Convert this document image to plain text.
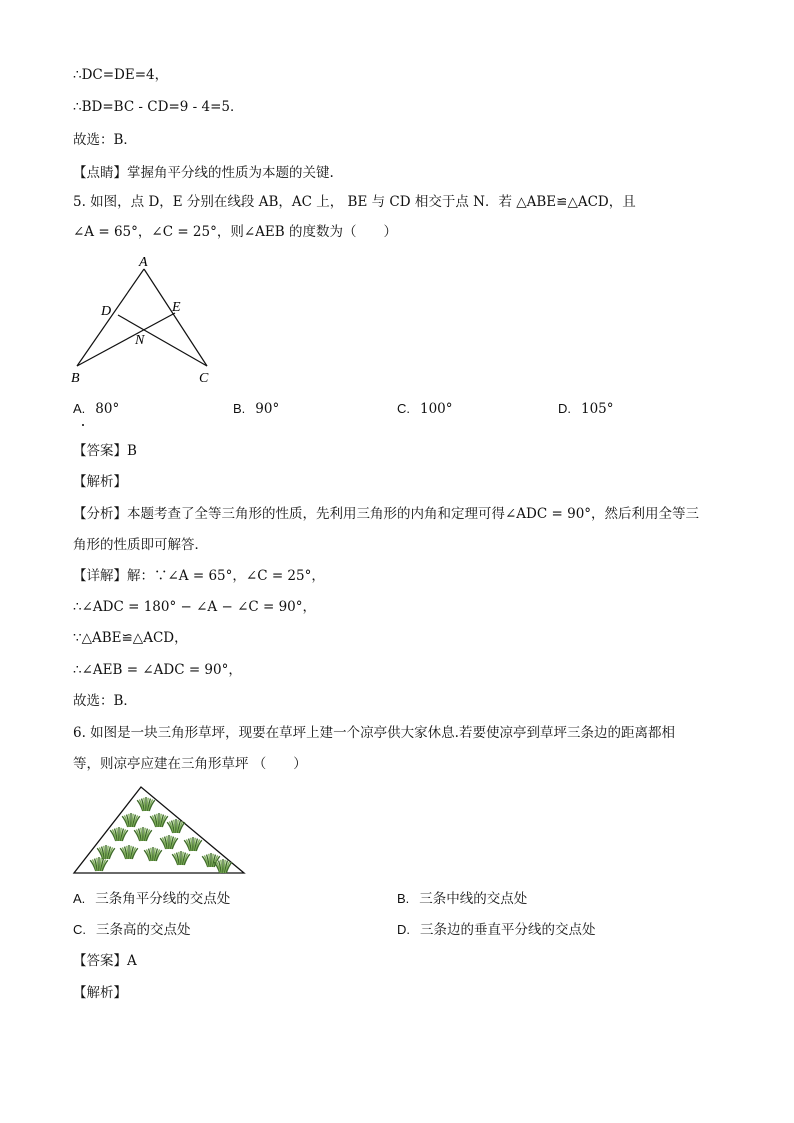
∴DC=DE=4，
∴BD=BC - CD=9 - 4=5．
故选：B．
【点睛】掌握角平分线的性质为本题的关键.
5. 如图，点 D，E 分别在线段 AB，AC 上， BE 与 CD 相交于点 N．若 △ABE≌△ACD，且
∠A = 65°，∠C = 25°，则∠AEB 的度数为（　　）
A
D	E
N
B	C
A. 80°	B. 90°	C. 100°	D. 105°
【答案】B
【解析】
【分析】本题考查了全等三角形的性质，先利用三角形的内角和定理可得∠ADC = 90°，然后利用全等三
角形的性质即可解答．
【详解】解：∵∠A = 65°，∠C = 25°，
∴∠ADC = 180° − ∠A − ∠C = 90°，
∵△ABE≌△ACD，
∴∠AEB = ∠ADC = 90°，
故选：B．
6. 如图是一块三角形草坪，现要在草坪上建一个凉亭供大家休息.若要使凉亭到草坪三条边的距离都相
等，则凉亭应建在三角形草坪 （　　）
A. 三条角平分线的交点处	B. 三条中线的交点处
C. 三条高的交点处	D. 三条边的垂直平分线的交点处
【答案】A
【解析】
